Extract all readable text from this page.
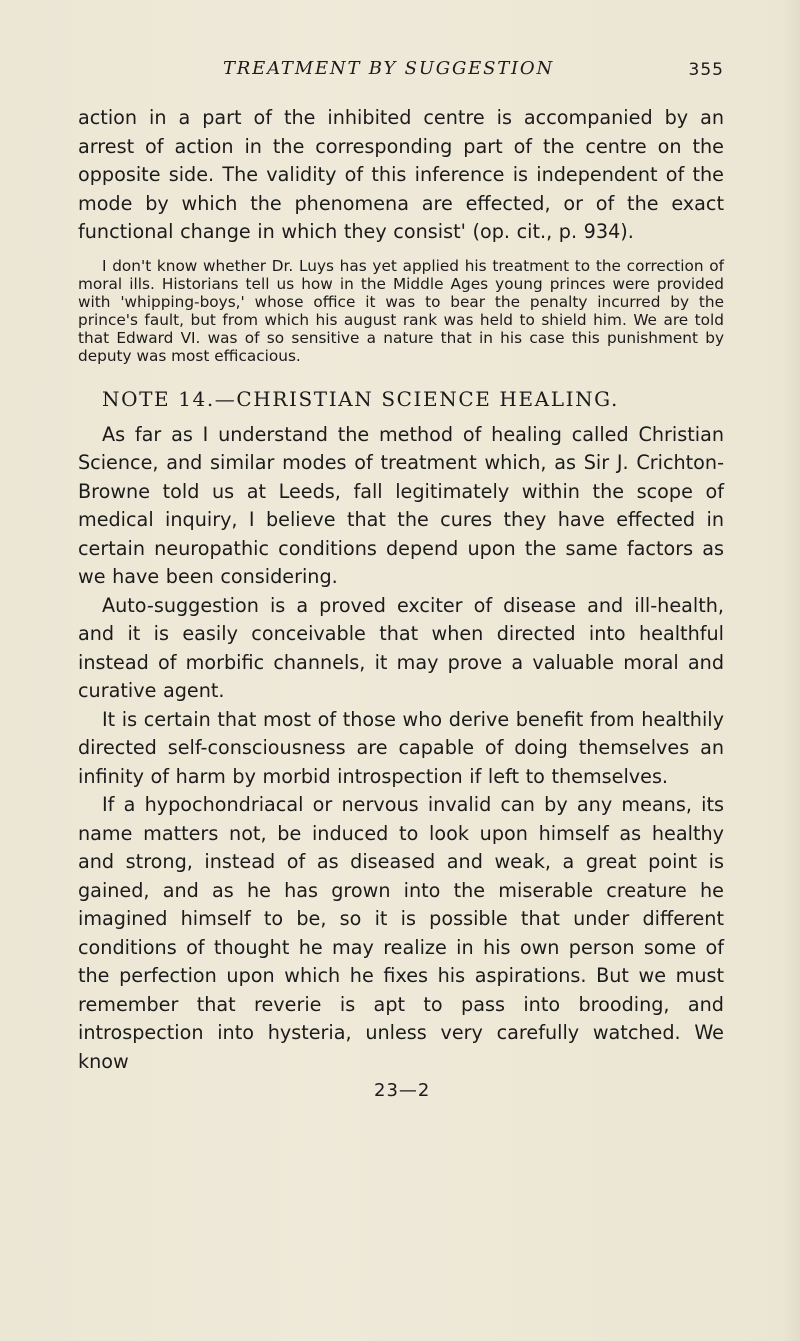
TREATMENT BY SUGGESTION	355

action in a part of the inhibited centre is accompanied by an arrest of action in the corresponding part of the centre on the opposite side. The validity of this inference is independent of the mode by which the phenomena are effected, or of the exact functional change in which they consist' (op. cit., p. 934).

I don't know whether Dr. Luys has yet applied his treatment to the correction of moral ills. Historians tell us how in the Middle Ages young princes were provided with 'whipping-boys,' whose office it was to bear the penalty incurred by the prince's fault, but from which his august rank was held to shield him. We are told that Edward VI. was of so sensitive a nature that in his case this punishment by deputy was most efficacious.

NOTE 14.—CHRISTIAN SCIENCE HEALING.

As far as I understand the method of healing called Christian Science, and similar modes of treatment which, as Sir J. Crichton-Browne told us at Leeds, fall legitimately within the scope of medical inquiry, I believe that the cures they have effected in certain neuropathic conditions depend upon the same factors as we have been considering.

Auto-suggestion is a proved exciter of disease and ill-health, and it is easily conceivable that when directed into healthful instead of morbific channels, it may prove a valuable moral and curative agent.

It is certain that most of those who derive benefit from healthily directed self-consciousness are capable of doing themselves an infinity of harm by morbid introspection if left to themselves.

If a hypochondriacal or nervous invalid can by any means, its name matters not, be induced to look upon himself as healthy and strong, instead of as diseased and weak, a great point is gained, and as he has grown into the miserable creature he imagined himself to be, so it is possible that under different conditions of thought he may realize in his own person some of the perfection upon which he fixes his aspirations. But we must remember that reverie is apt to pass into brooding, and introspection into hysteria, unless very carefully watched. We know

23—2
